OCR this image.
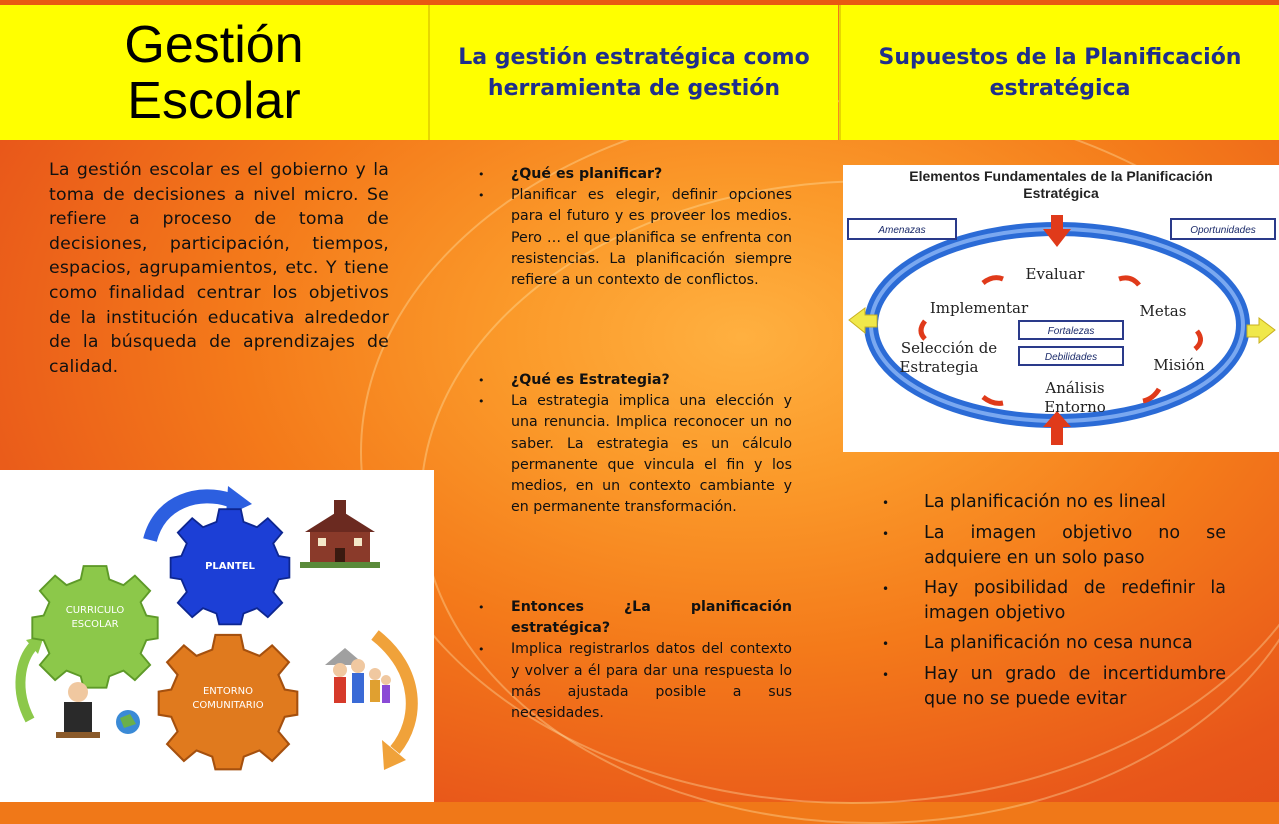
Gestión
Escolar
La gestión estratégica como
herramienta de gestión
Supuestos de la Planificación
estratégica
La gestión escolar es el gobierno y la toma de decisiones a nivel micro. Se refiere a proceso de toma de decisiones, participación, tiempos, espacios, agrupamientos, etc. Y tiene como finalidad centrar los objetivos de la institución educativa alrededor de la búsqueda de aprendizajes de calidad.
PLANTEL
CURRICULO
ESCOLAR
ENTORNO
COMUNITARIO
•	¿Qué es planificar?
•	Planificar es elegir, definir opciones para el futuro y es proveer los medios. Pero … el que planifica se enfrenta con resistencias. La planificación siempre refiere a un contexto de conflictos.
•	¿Qué es Estrategia?
•	La estrategia implica una elección y una renuncia. Implica reconocer un no saber. La estrategia es un cálculo permanente que vincula el fin y los medios, en un contexto cambiante y en permanente transformación.
•	Entonces ¿La planificación estratégica?
•	Implica registrarlos datos del contexto y volver a él para dar una respuesta lo más ajustada posible a sus necesidades.
Elementos Fundamentales de la Planificación
Estratégica
Amenazas	Oportunidades
Fortalezas
Debilidades
Evaluar
Metas
Implementar
Misión
Selección de
Estrategia
Análisis
Entorno
•	La planificación no es lineal
•	La imagen objetivo no se adquiere en un solo paso
•	Hay posibilidad de redefinir la imagen objetivo
•	La planificación no cesa nunca
•	Hay un grado de incertidumbre que no se puede evitar
